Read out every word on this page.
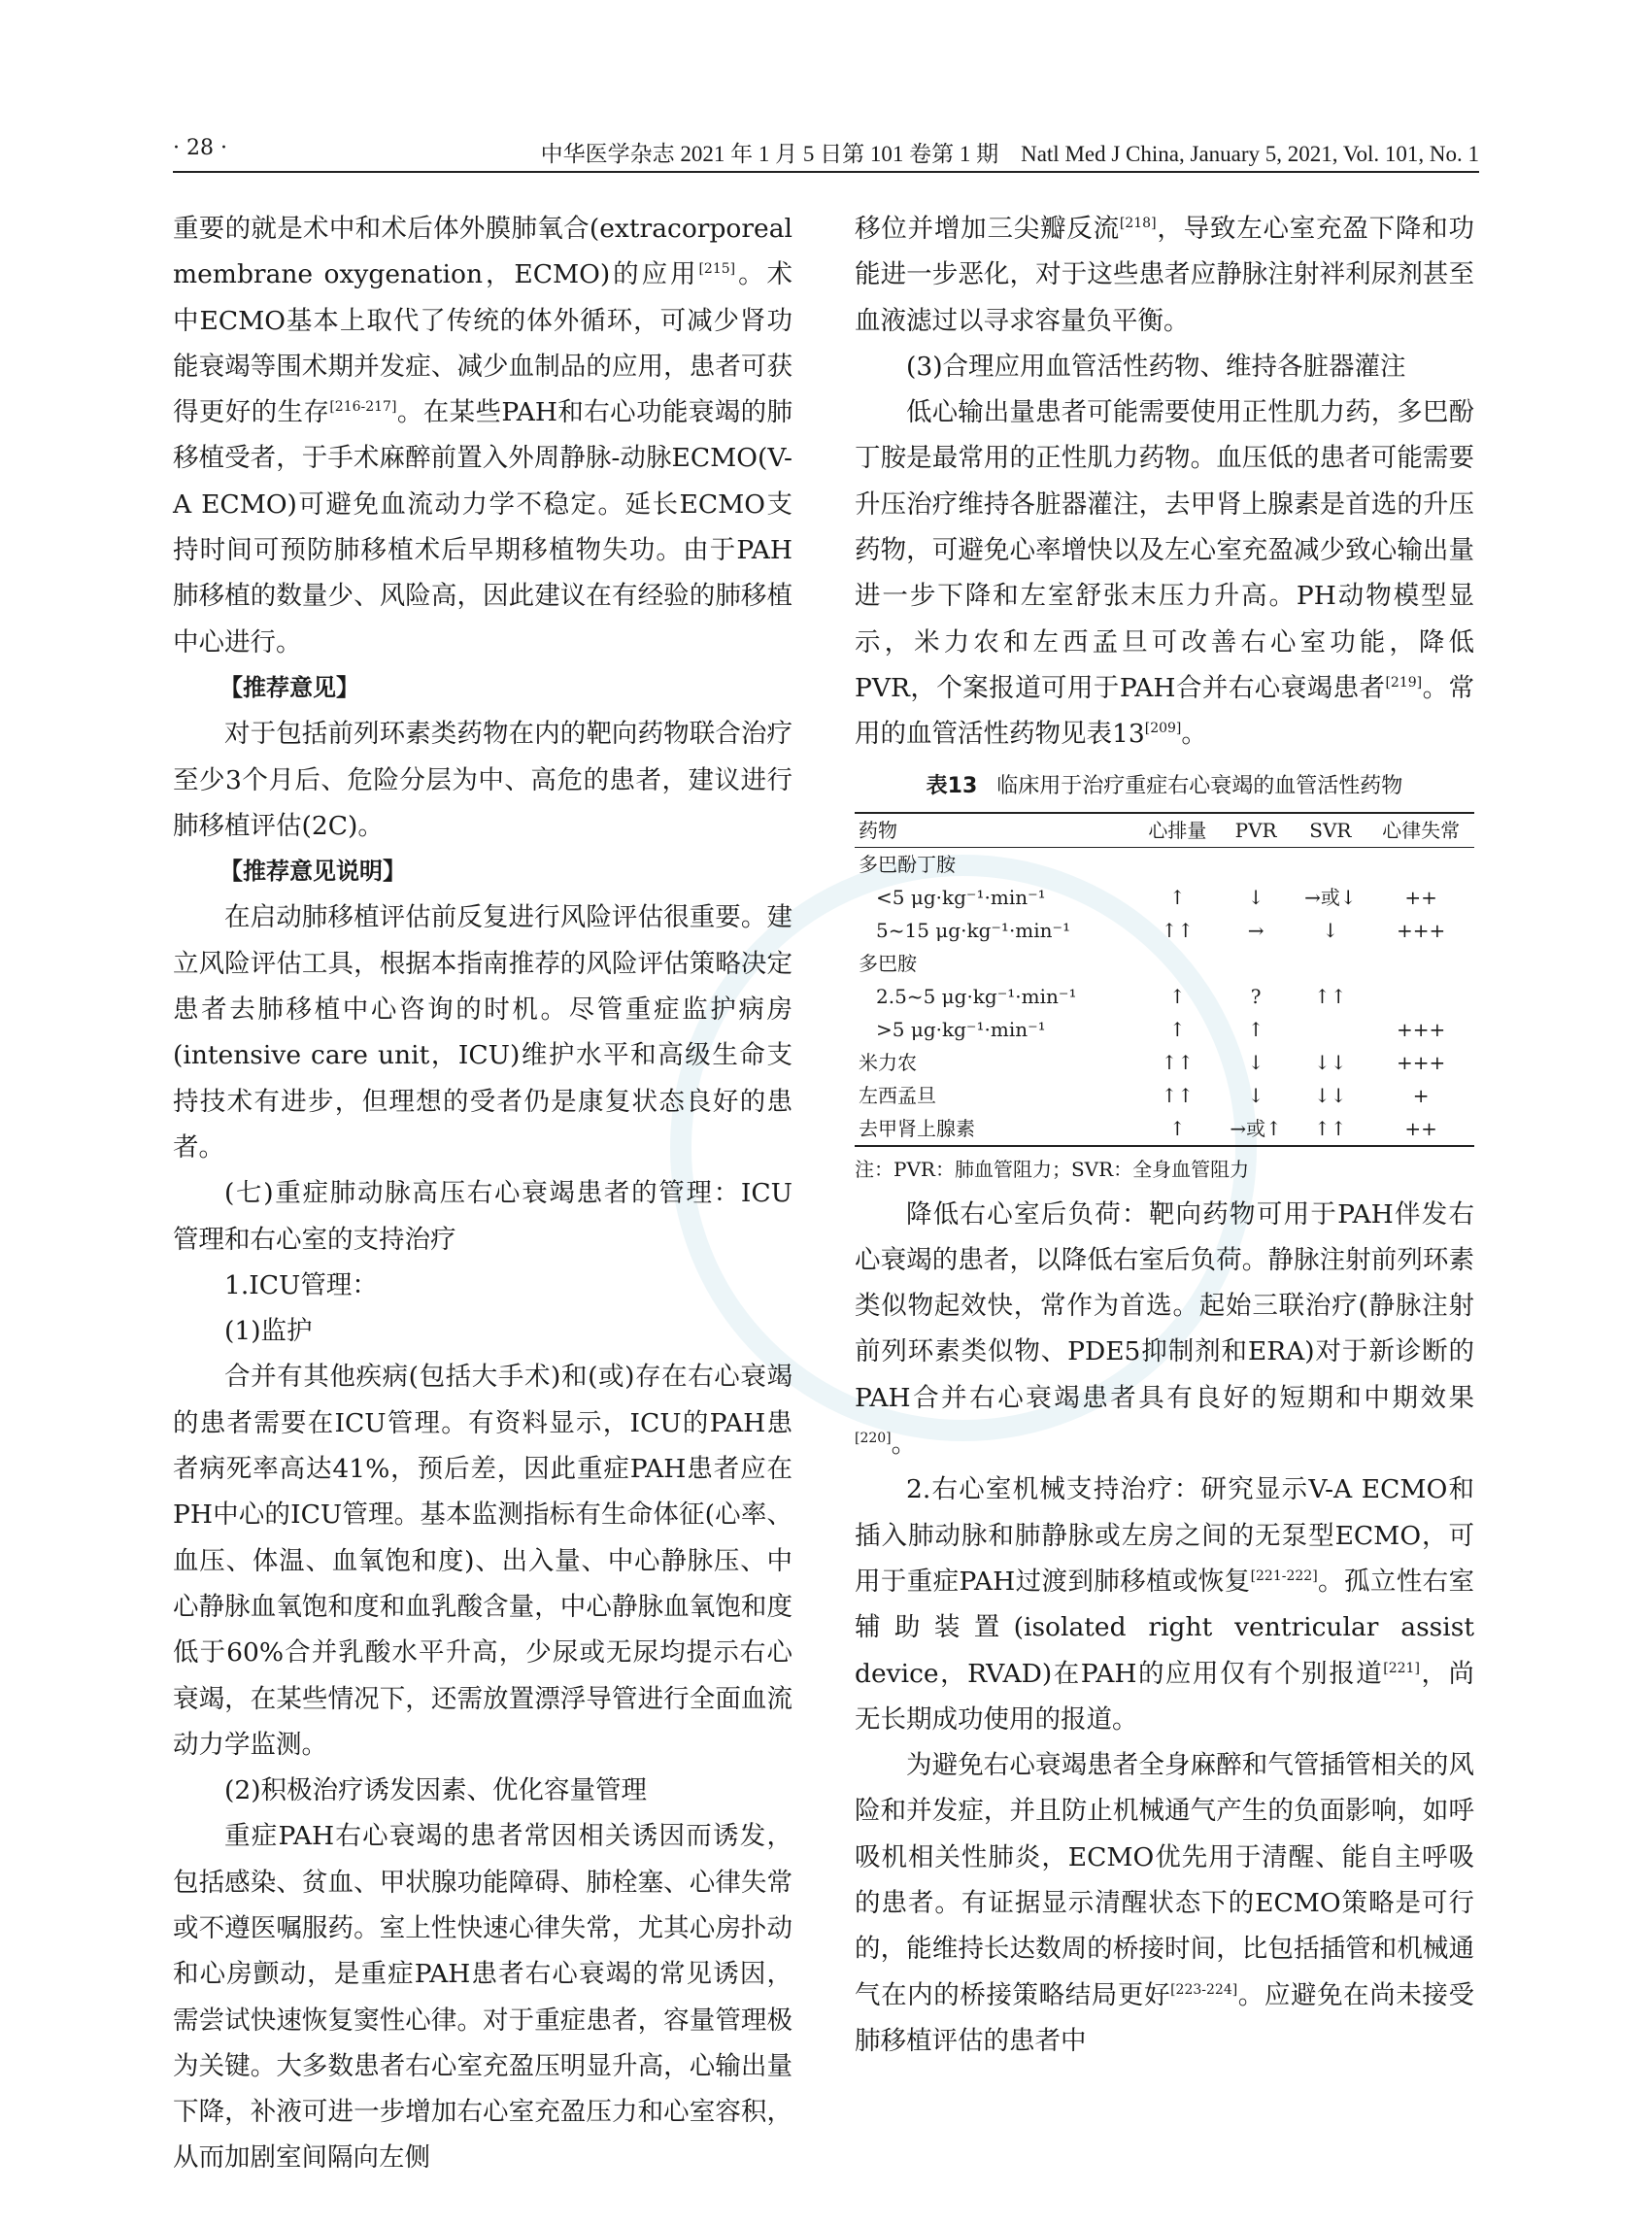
· 28 ·	中华医学杂志 2021 年 1 月 5 日第 101 卷第 1 期　Natl Med J China, January 5, 2021, Vol. 101, No. 1

重要的就是术中和术后体外膜肺氧合(extracorporeal membrane oxygenation，ECMO)的应用[215]。术中ECMO基本上取代了传统的体外循环，可减少肾功能衰竭等围术期并发症、减少血制品的应用，患者可获得更好的生存[216-217]。在某些PAH和右心功能衰竭的肺移植受者，于手术麻醉前置入外周静脉-动脉ECMO(V-A ECMO)可避免血流动力学不稳定。延长ECMO支持时间可预防肺移植术后早期移植物失功。由于PAH肺移植的数量少、风险高，因此建议在有经验的肺移植中心进行。

【推荐意见】

对于包括前列环素类药物在内的靶向药物联合治疗至少3个月后、危险分层为中、高危的患者，建议进行肺移植评估(2C)。

【推荐意见说明】

在启动肺移植评估前反复进行风险评估很重要。建立风险评估工具，根据本指南推荐的风险评估策略决定患者去肺移植中心咨询的时机。尽管重症监护病房(intensive care unit，ICU)维护水平和高级生命支持技术有进步，但理想的受者仍是康复状态良好的患者。

(七)重症肺动脉高压右心衰竭患者的管理：ICU 管理和右心室的支持治疗

1.ICU管理：

(1)监护

合并有其他疾病(包括大手术)和(或)存在右心衰竭的患者需要在ICU管理。有资料显示，ICU的PAH患者病死率高达41%，预后差，因此重症PAH患者应在PH中心的ICU管理。基本监测指标有生命体征(心率、血压、体温、血氧饱和度)、出入量、中心静脉压、中心静脉血氧饱和度和血乳酸含量，中心静脉血氧饱和度低于60%合并乳酸水平升高，少尿或无尿均提示右心衰竭，在某些情况下，还需放置漂浮导管进行全面血流动力学监测。

(2)积极治疗诱发因素、优化容量管理

重症PAH右心衰竭的患者常因相关诱因而诱发，包括感染、贫血、甲状腺功能障碍、肺栓塞、心律失常或不遵医嘱服药。室上性快速心律失常，尤其心房扑动和心房颤动，是重症PAH患者右心衰竭的常见诱因，需尝试快速恢复窦性心律。对于重症患者，容量管理极为关键。大多数患者右心室充盈压明显升高，心输出量下降，补液可进一步增加右心室充盈压力和心室容积，从而加剧室间隔向左侧

移位并增加三尖瓣反流[218]，导致左心室充盈下降和功能进一步恶化，对于这些患者应静脉注射袢利尿剂甚至血液滤过以寻求容量负平衡。

(3)合理应用血管活性药物、维持各脏器灌注

低心输出量患者可能需要使用正性肌力药，多巴酚丁胺是最常用的正性肌力药物。血压低的患者可能需要升压治疗维持各脏器灌注，去甲肾上腺素是首选的升压药物，可避免心率增快以及左心室充盈减少致心输出量进一步下降和左室舒张末压力升高。PH动物模型显示，米力农和左西孟旦可改善右心室功能，降低PVR，个案报道可用于PAH合并右心衰竭患者[219]。常用的血管活性药物见表13[209]。

表13 临床用于治疗重症右心衰竭的血管活性药物
药物	心排量	PVR	SVR	心律失常
多巴酚丁胺				
<5 μg·kg⁻¹·min⁻¹	↑	↓	→或↓	++
5~15 μg·kg⁻¹·min⁻¹	↑↑	→	↓	+++
多巴胺				
2.5~5 μg·kg⁻¹·min⁻¹	↑	?	↑↑	
>5 μg·kg⁻¹·min⁻¹	↑	↑		+++
米力农	↑↑	↓	↓↓	+++
左西孟旦	↑↑	↓	↓↓	+
去甲肾上腺素	↑	→或↑	↑↑	++
注：PVR：肺血管阻力；SVR：全身血管阻力

降低右心室后负荷：靶向药物可用于PAH伴发右心衰竭的患者，以降低右室后负荷。静脉注射前列环素类似物起效快，常作为首选。起始三联治疗(静脉注射前列环素类似物、PDE5抑制剂和ERA)对于新诊断的PAH合并右心衰竭患者具有良好的短期和中期效果[220]。

2.右心室机械支持治疗：研究显示V-A ECMO和插入肺动脉和肺静脉或左房之间的无泵型ECMO，可用于重症PAH过渡到肺移植或恢复[221-222]。孤立性右室辅助装置(isolated right ventricular assist device，RVAD)在PAH的应用仅有个别报道[221]，尚无长期成功使用的报道。

为避免右心衰竭患者全身麻醉和气管插管相关的风险和并发症，并且防止机械通气产生的负面影响，如呼吸机相关性肺炎，ECMO优先用于清醒、能自主呼吸的患者。有证据显示清醒状态下的ECMO策略是可行的，能维持长达数周的桥接时间，比包括插管和机械通气在内的桥接策略结局更好[223-224]。应避免在尚未接受肺移植评估的患者中
